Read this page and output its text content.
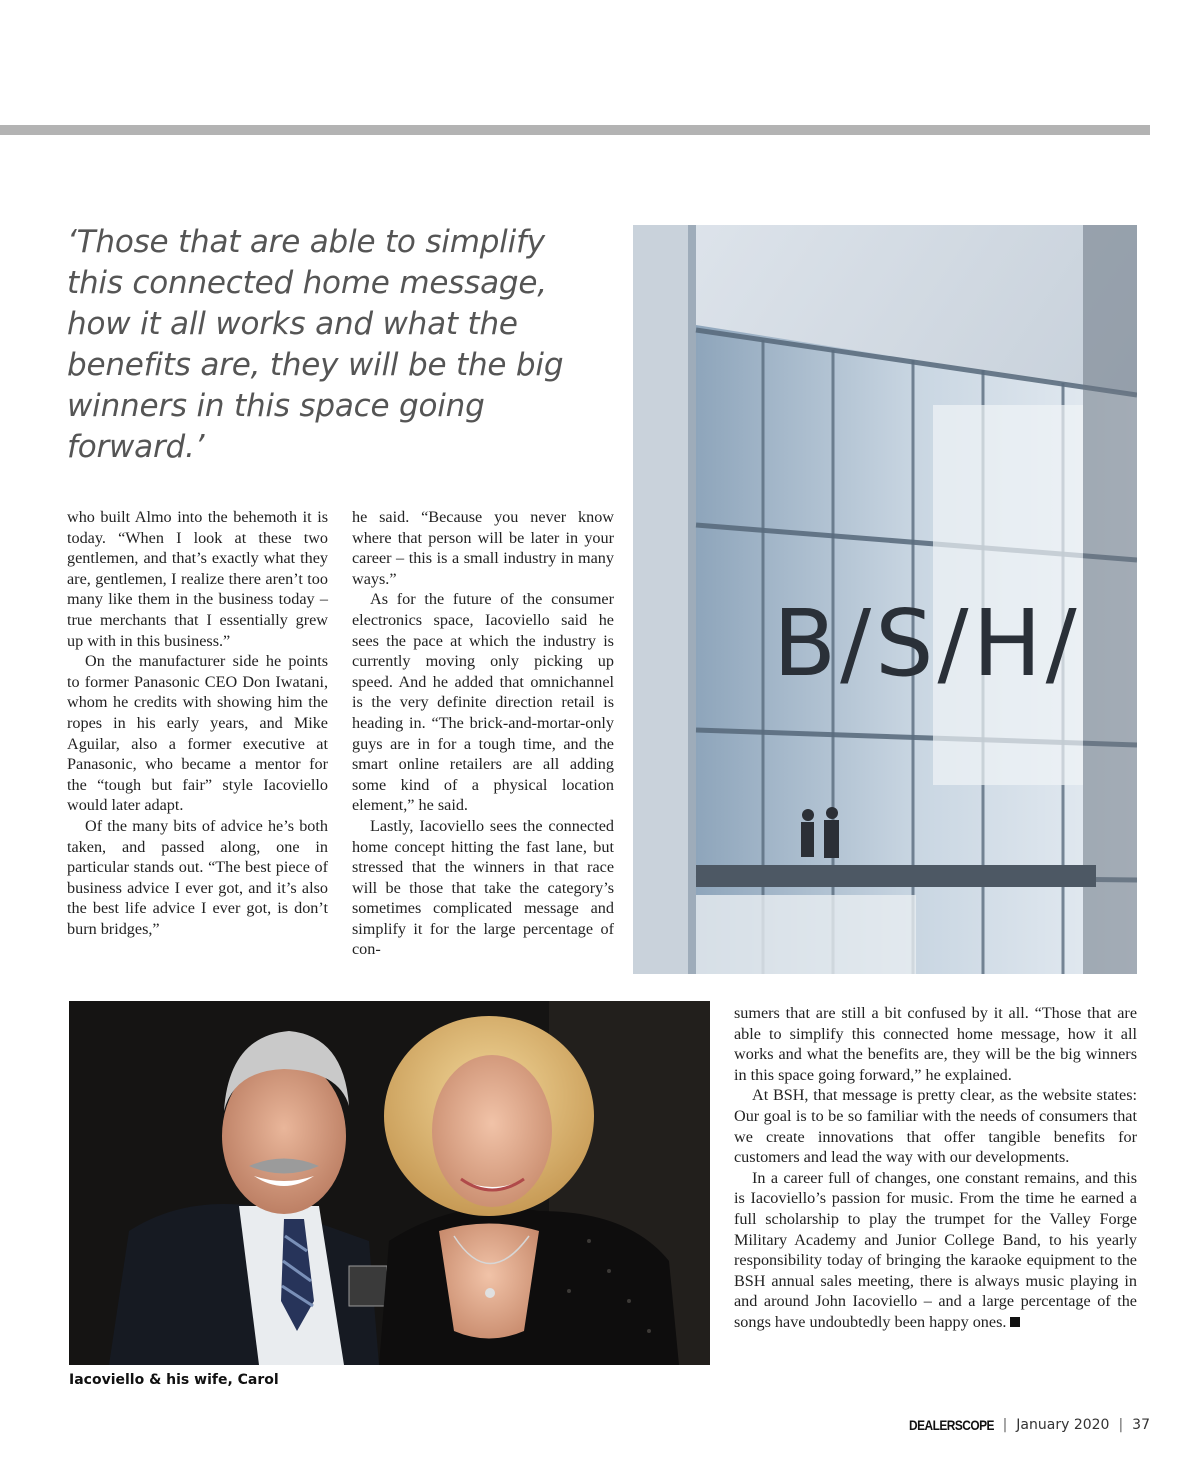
‘Those that are able to simplify
this connected home message,
how it all works and what the
benefits are, they will be the big
winners in this space going
forward.’

who built Almo into the behemoth it is today. “When I look at these two gentlemen, and that’s exactly what they are, gentlemen, I realize there aren’t too many like them in the business today – true merchants that I essentially grew up with in this business.”

On the manufacturer side he points to former Panasonic CEO Don Iwatani, whom he credits with showing him the ropes in his early years, and Mike Aguilar, also a former executive at Panasonic, who became a mentor for the “tough but fair” style Iacoviello would later adapt.

Of the many bits of advice he’s both taken, and passed along, one in particular stands out. “The best piece of business advice I ever got, and it’s also the best life advice I ever got, is don’t burn bridges,”

he said. “Because you never know where that person will be later in your career – this is a small industry in many ways.”

As for the future of the consumer electronics space, Iacoviello said he sees the pace at which the industry is currently moving only picking up speed. And he added that omnichannel is the very definite direction retail is heading in. “The brick-and-mortar-only guys are in for a tough time, and the smart online retailers are all adding some kind of a physical location element,” he said.

Lastly, Iacoviello sees the connected home concept hitting the fast lane, but stressed that the winners in that race will be those that take the category’s sometimes complicated message and simplify it for the large percentage of con-

B/S/H/
Iacoviello & his wife, Carol

sumers that are still a bit confused by it all. “Those that are able to simplify this connected home message, how it all works and what the benefits are, they will be the big winners in this space going forward,” he explained.

At BSH, that message is pretty clear, as the website states: Our goal is to be so familiar with the needs of consumers that we create innovations that offer tangible benefits for customers and lead the way with our developments.

In a career full of changes, one constant remains, and this is Iacoviello’s passion for music. From the time he earned a full scholarship to play the trumpet for the Valley Forge Military Academy and Junior College Band, to his yearly responsibility today of bringing the karaoke equipment to the BSH annual sales meeting, there is always music playing in and around John Iacoviello – and a large percentage of the songs have undoubtedly been happy ones.

DEALERSCOPE | January 2020 | 37
